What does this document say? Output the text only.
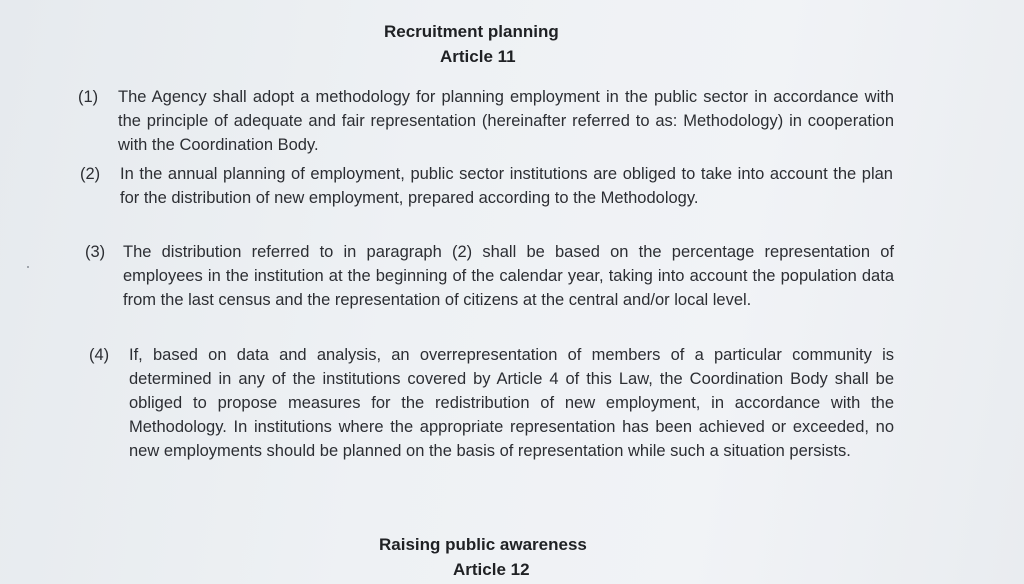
Recruitment planning
Article 11
(1) The Agency shall adopt a methodology for planning employment in the public sector in accordance with the principle of adequate and fair representation (hereinafter referred to as: Methodology) in cooperation with the Coordination Body.
(2) In the annual planning of employment, public sector institutions are obliged to take into account the plan for the distribution of new employment, prepared according to the Methodology.
(3) The distribution referred to in paragraph (2) shall be based on the percentage representation of employees in the institution at the beginning of the calendar year, taking into account the population data from the last census and the representation of citizens at the central and/or local level.
(4) If, based on data and analysis, an overrepresentation of members of a particular community is determined in any of the institutions covered by Article 4 of this Law, the Coordination Body shall be obliged to propose measures for the redistribution of new employment, in accordance with the Methodology. In institutions where the appropriate representation has been achieved or exceeded, no new employments should be planned on the basis of representation while such a situation persists.
Raising public awareness
Article 12
